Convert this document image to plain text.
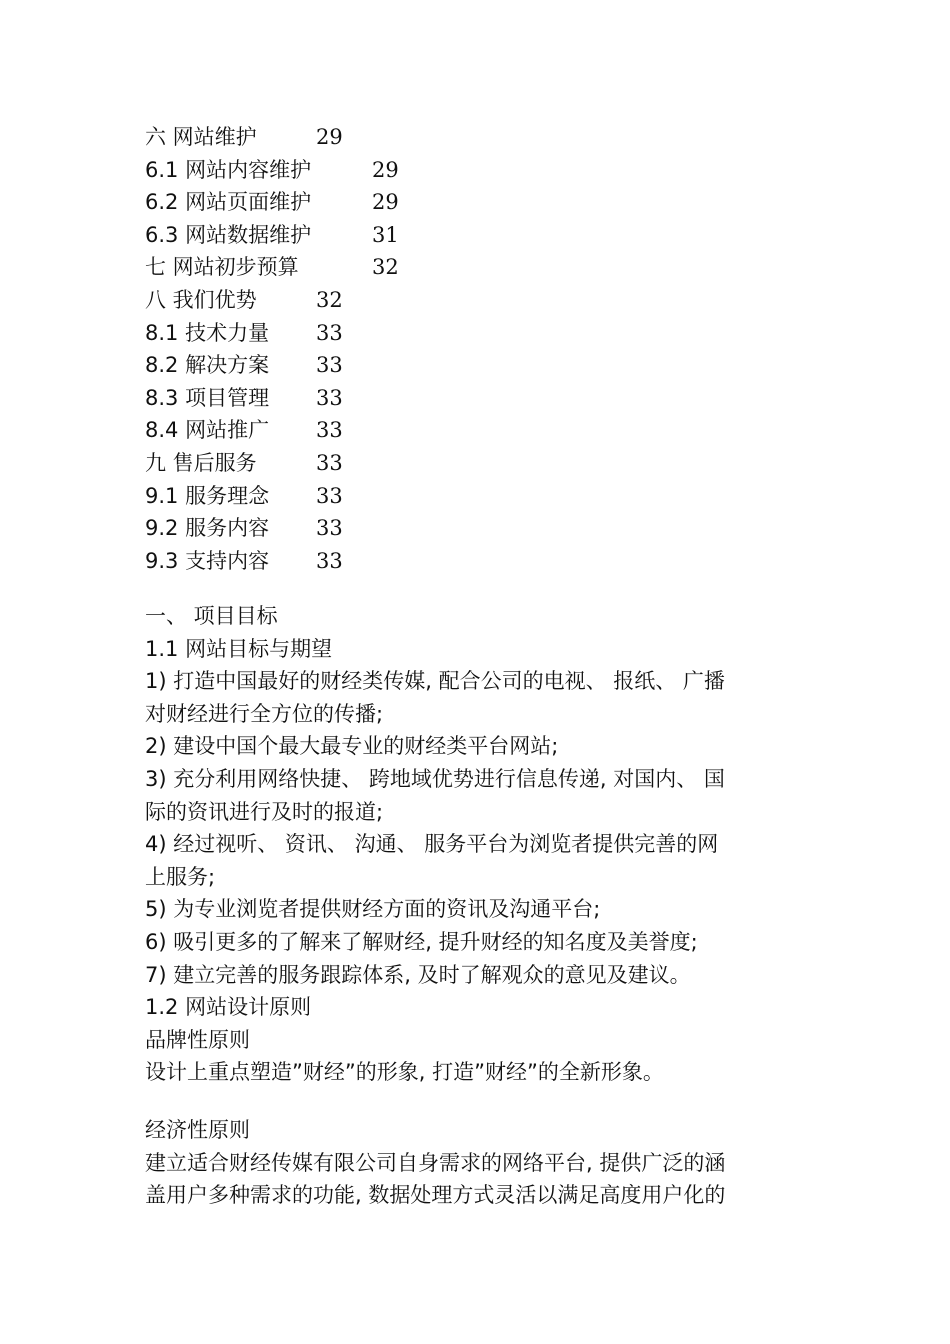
六 网站维护	29
6.1 网站内容维护	29
6.2 网站页面维护	29
6.3 网站数据维护	31
七 网站初步预算	32
八 我们优势	32
8.1 技术力量 33
8.2 解决方案 33
8.3 项目管理 33
8.4 网站推广 33
九 售后服务	33
9.1 服务理念 33
9.2 服务内容 33
9.3 支持内容 33
一、 项目目标
1.1 网站目标与期望
1) 打造中国最好的财经类传媒, 配合公司的电视、 报纸、 广播
对财经进行全方位的传播;
2) 建设中国个最大最专业的财经类平台网站;
3) 充分利用网络快捷、 跨地域优势进行信息传递, 对国内、 国
际的资讯进行及时的报道;
4) 经过视听、 资讯、 沟通、 服务平台为浏览者提供完善的网
上服务;
5) 为专业浏览者提供财经方面的资讯及沟通平台;
6) 吸引更多的了解来了解财经, 提升财经的知名度及美誉度;
7) 建立完善的服务跟踪体系, 及时了解观众的意见及建议。
1.2 网站设计原则
品牌性原则
设计上重点塑造”财经”的形象, 打造”财经”的全新形象。
经济性原则
建立适合财经传媒有限公司自身需求的网络平台, 提供广泛的涵
盖用户多种需求的功能, 数据处理方式灵活以满足高度用户化的
